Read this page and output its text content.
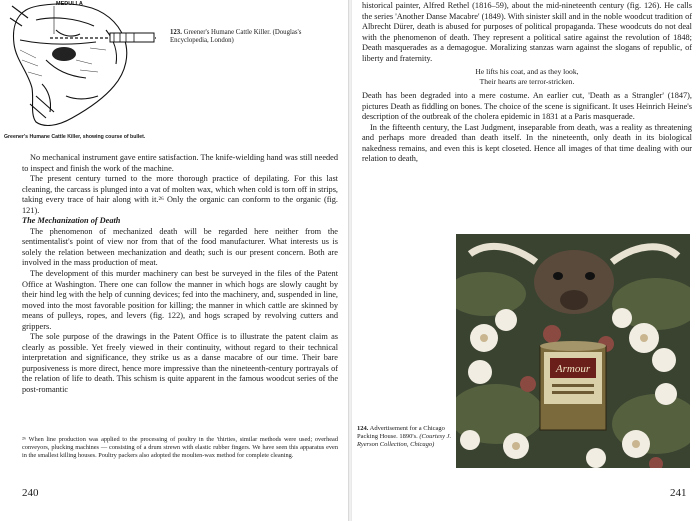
MEDULLA
Greener's Humane Cattle Killer, showing course of bullet.
123. Greener's Humane Cattle Killer. (Douglas's Encyclopedia, London)

No mechanical instrument gave entire satisfaction. The knife-wielding hand was still needed to inspect and finish the work of the machine.

The present century turned to the more thorough practice of depilating. For this last cleaning, the carcass is plunged into a vat of molten wax, which when cold is torn off in strips, taking every trace of hair along with it.²⁶ Only the organic can conform to the organic (fig. 121).

The Mechanization of Death

The phenomenon of mechanized death will be regarded here neither from the sentimentalist's point of view nor from that of the food manufacturer. What interests us is solely the relation between mechanization and death; such is our present concern. Both are involved in the mass production of meat.

The development of this murder machinery can best be surveyed in the files of the Patent Office at Washington. There one can follow the manner in which hogs are slowly caught by their hind leg with the help of cunning devices; fed into the machinery, and, suspended in line, moved into the most favorable position for killing; the manner in which cattle are skinned by means of pulleys, ropes, and levers (fig. 122), and hogs scraped by revolving cutters and grippers.

The sole purpose of the drawings in the Patent Office is to illustrate the patent claim as clearly as possible. Yet freely viewed in their continuity, without regard to their technical interpretation and significance, they strike us as a danse macabre of our time. Their bare purposiveness is more direct, hence more impressive than the nineteenth-century portrayals of the relation of life to death. This schism is quite apparent in the famous woodcut series of the post-romantic

²⁶ When line production was applied to the processing of poultry in the 'thirties, similar methods were used; overhead conveyors, plucking machines — consisting of a drum strewn with elastic rubber fingers. We have seen this apparatus even in the smallest killing houses. Poultry packers also adopted the moulten-wax method for complete cleaning.
240

historical painter, Alfred Rethel (1816–59), about the mid-nineteenth century (fig. 126). He calls the series 'Another Danse Macabre' (1849). With sinister skill and in the noble woodcut tradition of Albrecht Dürer, death is abused for purposes of political propaganda. These woodcuts do not deal with the phenomenon of death. They represent a political satire against the revolution of 1848; Death masquerades as a demagogue. Moralizing stanzas warn against the slogans of republic, of liberty and fraternity.

He lifts his coat, and as they look,
Their hearts are terror-stricken.

Death has been degraded into a mere costume. An earlier cut, 'Death as a Strangler' (1847), pictures Death as fiddling on bones. The choice of the scene is significant. It uses Heinrich Heine's description of the outbreak of the cholera epidemic in 1831 at a Paris masquerade.

In the fifteenth century, the Last Judgment, inseparable from death, was a reality as threatening and perhaps more dreaded than death itself. In the nineteenth, only death in its biological nakedness remains, and even this is kept closeted. Hence all images of that time dealing with our relation to death,

Armour
124. Advertisement for a Chicago Packing House. 1890's. (Courtesy J. Ryerson Collection, Chicago)
241
